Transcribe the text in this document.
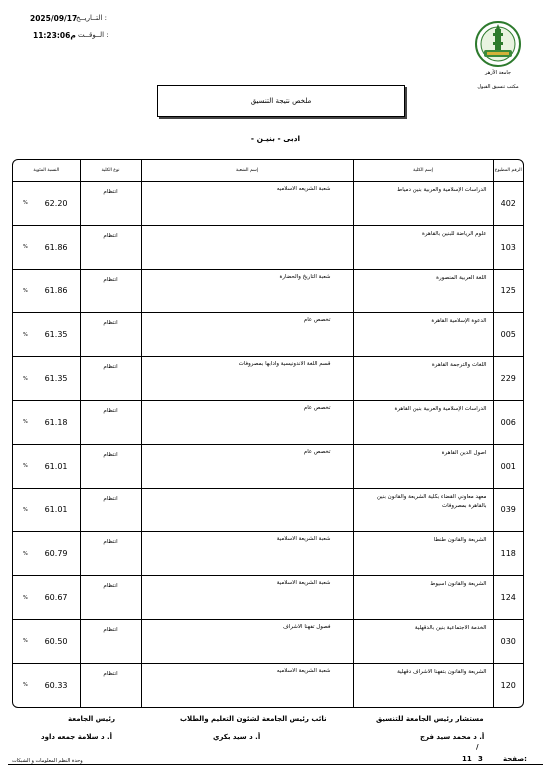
التــاريــخ :
2025/09/17
الــوقــت :
11:23:06م
جامعة الأزهر
مكتب تنسيق القبول
ملخص نتيجة التنسيق
- ادبى - بنيـن
الرقم المطبوع	إسم الكلية	إسم الشعبة	نوع الكلية	النسبة المئوية
402	الدراسات الإسلامية والعربية بنين دمياط	شعبة الشريعه الاسلاميه	انتظام	% 62.20

103	علوم الرياضة للبنين بالقاهرة		انتظام	% 61.86

125	اللغة العربية المنصورة	شعبة التاريخ والحضارة	انتظام	% 61.86

005	الدعوة الإسلامية القاهرة	تخصص عام	انتظام	% 61.35

229	اللغات والترجمة القاهرة	قسم اللغة الاندونيسية وادابها بمصروفات	انتظام	% 61.35

006	الدراسات الإسلامية والعربية بنين القاهرة	تخصص عام	انتظام	% 61.18

001	اصول الدين القاهرة	تخصص عام	انتظام	% 61.01

039	معهد معاوني القضاء بكلية الشريعة والقانون بنين بالقاهرة بمصروفات		انتظام	% 61.01

118	الشريعة والقانون طنطا	شعبة الشريعة الاسلامية	انتظام	% 60.79

124	الشريعة والقانون اسيوط	شعبة الشريعة الاسلامية	انتظام	% 60.67

030	الخدمة الاجتماعية بنين بالدقهلية	فصول تفهنا الاشراف	انتظام	% 60.50

120	الشريعة والقانون بتفهنا الاشراف دقهلية	شعبة الشريعة الاسلاميه	انتظام	% 60.33

مستشار رئيس الجامعة للتنسيق
أ. د محمد سيد فرج
نائب رئيس الجامعة لشئون التعليم والطلاب
أ. د سيد بكري
رئيس الجامعة
أ. د سلامة جمعه داود
/
صفحة:
3
11
وحدة النظم المعلومات و الشبكات
